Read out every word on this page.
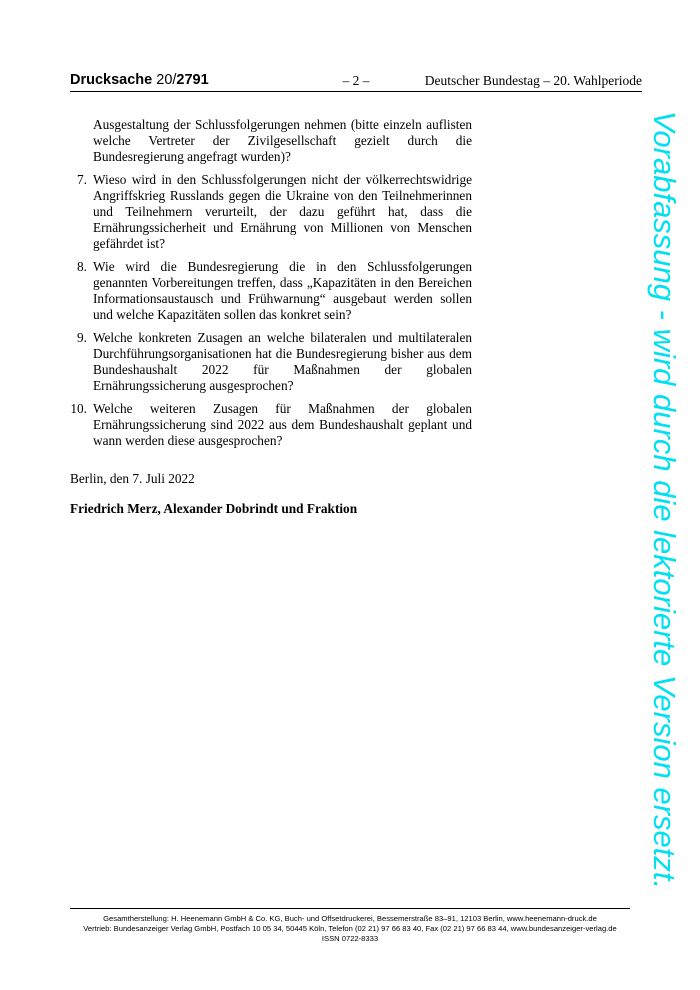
Drucksache 20/2791	– 2 –	Deutscher Bundestag – 20. Wahlperiode
Ausgestaltung der Schlussfolgerungen nehmen (bitte einzeln auflisten welche Vertreter der Zivilgesellschaft gezielt durch die Bundesregierung angefragt wurden)?
7. Wieso wird in den Schlussfolgerungen nicht der völkerrechtswidrige Angriffskrieg Russlands gegen die Ukraine von den Teilnehmerinnen und Teilnehmern verurteilt, der dazu geführt hat, dass die Ernährungssicherheit und Ernährung von Millionen von Menschen gefährdet ist?
8. Wie wird die Bundesregierung die in den Schlussfolgerungen genannten Vorbereitungen treffen, dass „Kapazitäten in den Bereichen Informationsaustausch und Frühwarnung“ ausgebaut werden sollen und welche Kapazitäten sollen das konkret sein?
9. Welche konkreten Zusagen an welche bilateralen und multilateralen Durchführungsorganisationen hat die Bundesregierung bisher aus dem Bundeshaushalt 2022 für Maßnahmen der globalen Ernährungssicherung ausgesprochen?
10. Welche weiteren Zusagen für Maßnahmen der globalen Ernährungssicherung sind 2022 aus dem Bundeshaushalt geplant und wann werden diese ausgesprochen?
Berlin, den 7. Juli 2022
Friedrich Merz, Alexander Dobrindt und Fraktion	Vorabfassung - wird durch die lektorierte Version ersetzt.
Gesamtherstellung: H. Heenemann GmbH & Co. KG, Buch- und Offsetdruckerei, Bessemerstraße 83–91, 12103 Berlin, www.heenemann-druck.de
Vertrieb: Bundesanzeiger Verlag GmbH, Postfach 10 05 34, 50445 Köln, Telefon (02 21) 97 66 83 40, Fax (02 21) 97 66 83 44, www.bundesanzeiger-verlag.de
ISSN 0722-8333
